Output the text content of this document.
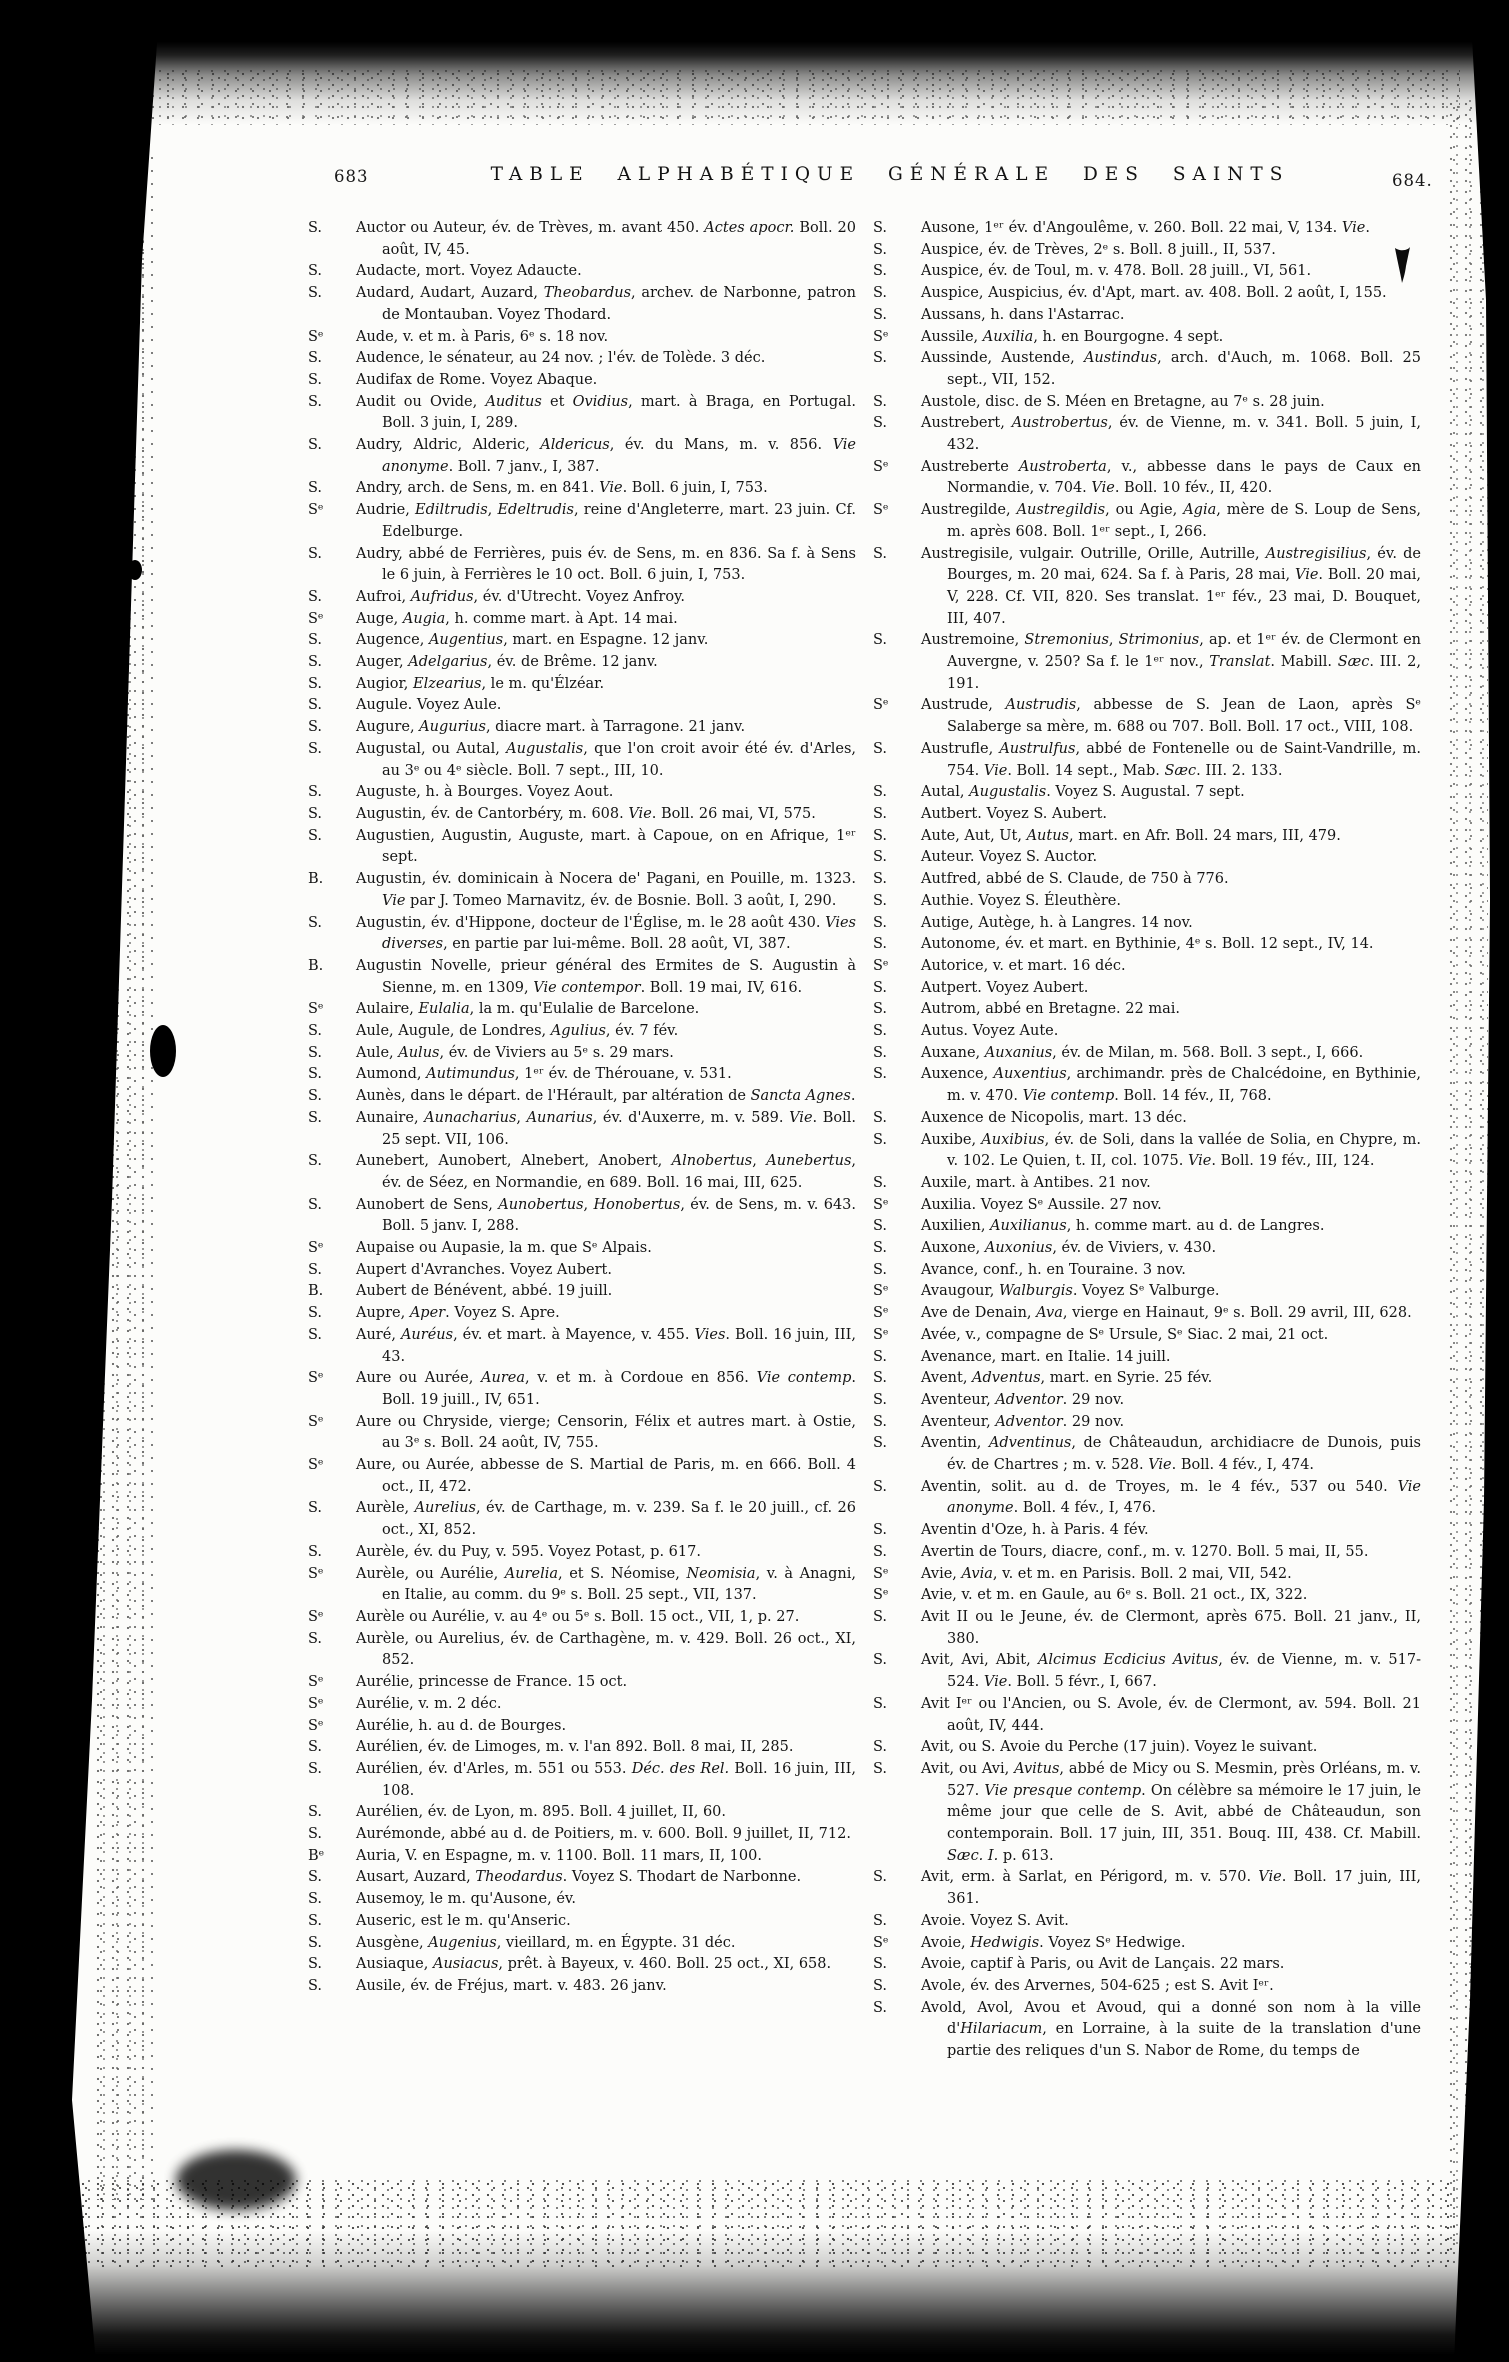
683	TABLE ALPHABÉTIQUE GÉNÉRALE DES SAINTS	684.

S. Auctor ou Auteur, év. de Trèves, m. avant 450. Actes apocr. Boll. 20 août, IV, 45.

S. Audacte, mort. Voyez Adaucte.

S. Audard, Audart, Auzard, Theobardus, archev. de Narbonne, patron de Montauban. Voyez Thodard.

Sᵉ Aude, v. et m. à Paris, 6ᵉ s. 18 nov.

S. Audence, le sénateur, au 24 nov. ; l'év. de Tolède. 3 déc.

S. Audifax de Rome. Voyez Abaque.

S. Audit ou Ovide, Auditus et Ovidius, mart. à Braga, en Portugal. Boll. 3 juin, I, 289.

S. Audry, Aldric, Alderic, Aldericus, év. du Mans, m. v. 856. Vie anonyme. Boll. 7 janv., I, 387.

S. Andry, arch. de Sens, m. en 841. Vie. Boll. 6 juin, I, 753.

Sᵉ Audrie, Ediltrudis, Edeltrudis, reine d'Angleterre, mart. 23 juin. Cf. Edelburge.

S. Audry, abbé de Ferrières, puis év. de Sens, m. en 836. Sa f. à Sens le 6 juin, à Ferrières le 10 oct. Boll. 6 juin, I, 753.

S. Aufroi, Aufridus, év. d'Utrecht. Voyez Anfroy.

Sᵉ Auge, Augia, h. comme mart. à Apt. 14 mai.

S. Augence, Augentius, mart. en Espagne. 12 janv.

S. Auger, Adelgarius, év. de Brême. 12 janv.

S. Augior, Elzearius, le m. qu'Élzéar.

S. Augule. Voyez Aule.

S. Augure, Augurius, diacre mart. à Tarragone. 21 janv.

S. Augustal, ou Autal, Augustalis, que l'on croit avoir été év. d'Arles, au 3ᵉ ou 4ᵉ siècle. Boll. 7 sept., III, 10.

S. Auguste, h. à Bourges. Voyez Aout.

S. Augustin, év. de Cantorbéry, m. 608. Vie. Boll. 26 mai, VI, 575.

S. Augustien, Augustin, Auguste, mart. à Capoue, on en Afrique, 1ᵉʳ sept.

B. Augustin, év. dominicain à Nocera de' Pagani, en Pouille, m. 1323. Vie par J. Tomeo Marnavitz, év. de Bosnie. Boll. 3 août, I, 290.

S. Augustin, év. d'Hippone, docteur de l'Église, m. le 28 août 430. Vies diverses, en partie par lui-même. Boll. 28 août, VI, 387.

B. Augustin Novelle, prieur général des Ermites de S. Augustin à Sienne, m. en 1309, Vie contempor. Boll. 19 mai, IV, 616.

Sᵉ Aulaire, Eulalia, la m. qu'Eulalie de Barcelone.

S. Aule, Augule, de Londres, Agulius, év. 7 fév.

S. Aule, Aulus, év. de Viviers au 5ᵉ s. 29 mars.

S. Aumond, Autimundus, 1ᵉʳ év. de Thérouane, v. 531.

S. Aunès, dans le départ. de l'Hérault, par altération de Sancta Agnes.

S. Aunaire, Aunacharius, Aunarius, év. d'Auxerre, m. v. 589. Vie. Boll. 25 sept. VII, 106.

S. Aunebert, Aunobert, Alnebert, Anobert, Alnobertus, Aunebertus, év. de Séez, en Normandie, en 689. Boll. 16 mai, III, 625.

S. Aunobert de Sens, Aunobertus, Honobertus, év. de Sens, m. v. 643. Boll. 5 janv. I, 288.

Sᵉ Aupaise ou Aupasie, la m. que Sᵉ Alpais.

S. Aupert d'Avranches. Voyez Aubert.

B. Aubert de Bénévent, abbé. 19 juill.

S. Aupre, Aper. Voyez S. Apre.

S. Auré, Auréus, év. et mart. à Mayence, v. 455. Vies. Boll. 16 juin, III, 43.

Sᵉ Aure ou Aurée, Aurea, v. et m. à Cordoue en 856. Vie contemp. Boll. 19 juill., IV, 651.

Sᵉ Aure ou Chryside, vierge; Censorin, Félix et autres mart. à Ostie, au 3ᵉ s. Boll. 24 août, IV, 755.

Sᵉ Aure, ou Aurée, abbesse de S. Martial de Paris, m. en 666. Boll. 4 oct., II, 472.

S. Aurèle, Aurelius, év. de Carthage, m. v. 239. Sa f. le 20 juill., cf. 26 oct., XI, 852.

S. Aurèle, év. du Puy, v. 595. Voyez Potast, p. 617.

Sᵉ Aurèle, ou Aurélie, Aurelia, et S. Néomise, Neomisia, v. à Anagni, en Italie, au comm. du 9ᵉ s. Boll. 25 sept., VII, 137.

Sᵉ Aurèle ou Aurélie, v. au 4ᵉ ou 5ᵉ s. Boll. 15 oct., VII, 1, p. 27.

S. Aurèle, ou Aurelius, év. de Carthagène, m. v. 429. Boll. 26 oct., XI, 852.

Sᵉ Aurélie, princesse de France. 15 oct.

Sᵉ Aurélie, v. m. 2 déc.

Sᵉ Aurélie, h. au d. de Bourges.

S. Aurélien, év. de Limoges, m. v. l'an 892. Boll. 8 mai, II, 285.

S. Aurélien, év. d'Arles, m. 551 ou 553. Déc. des Rel. Boll. 16 juin, III, 108.

S. Aurélien, év. de Lyon, m. 895. Boll. 4 juillet, II, 60.

S. Aurémonde, abbé au d. de Poitiers, m. v. 600. Boll. 9 juillet, II, 712.

Bᵉ Auria, V. en Espagne, m. v. 1100. Boll. 11 mars, II, 100.

S. Ausart, Auzard, Theodardus. Voyez S. Thodart de Narbonne.

S. Ausemoy, le m. qu'Ausone, év.

S. Auseric, est le m. qu'Anseric.

S. Ausgène, Augenius, vieillard, m. en Égypte. 31 déc.

S. Ausiaque, Ausiacus, prêt. à Bayeux, v. 460. Boll. 25 oct., XI, 658.

S. Ausile, év. de Fréjus, mart. v. 483. 26 janv.

S. Ausone, 1ᵉʳ év. d'Angoulême, v. 260. Boll. 22 mai, V, 134. Vie.

S. Auspice, év. de Trèves, 2ᵉ s. Boll. 8 juill., II, 537.

S. Auspice, év. de Toul, m. v. 478. Boll. 28 juill., VI, 561.

S. Auspice, Auspicius, év. d'Apt, mart. av. 408. Boll. 2 août, I, 155.

S. Aussans, h. dans l'Astarrac.

Sᵉ Aussile, Auxilia, h. en Bourgogne. 4 sept.

S. Aussinde, Austende, Austindus, arch. d'Auch, m. 1068. Boll. 25 sept., VII, 152.

S. Austole, disc. de S. Méen en Bretagne, au 7ᵉ s. 28 juin.

S. Austrebert, Austrobertus, év. de Vienne, m. v. 341. Boll. 5 juin, I, 432.

Sᵉ Austreberte Austroberta, v., abbesse dans le pays de Caux en Normandie, v. 704. Vie. Boll. 10 fév., II, 420.

Sᵉ Austregilde, Austregildis, ou Agie, Agia, mère de S. Loup de Sens, m. après 608. Boll. 1ᵉʳ sept., I, 266.

S. Austregisile, vulgair. Outrille, Orille, Autrille, Austregisilius, év. de Bourges, m. 20 mai, 624. Sa f. à Paris, 28 mai, Vie. Boll. 20 mai, V, 228. Cf. VII, 820. Ses translat. 1ᵉʳ fév., 23 mai, D. Bouquet, III, 407.

S. Austremoine, Stremonius, Strimonius, ap. et 1ᵉʳ év. de Clermont en Auvergne, v. 250? Sa f. le 1ᵉʳ nov., Translat. Mabill. Sæc. III. 2, 191.

Sᵉ Austrude, Austrudis, abbesse de S. Jean de Laon, après Sᵉ Salaberge sa mère, m. 688 ou 707. Boll. Boll. 17 oct., VIII, 108.

S. Austrufle, Austrulfus, abbé de Fontenelle ou de Saint-Vandrille, m. 754. Vie. Boll. 14 sept., Mab. Sæc. III. 2. 133.

S. Autal, Augustalis. Voyez S. Augustal. 7 sept.

S. Autbert. Voyez S. Aubert.

S. Aute, Aut, Ut, Autus, mart. en Afr. Boll. 24 mars, III, 479.

S. Auteur. Voyez S. Auctor.

S. Autfred, abbé de S. Claude, de 750 à 776.

S. Authie. Voyez S. Éleuthère.

S. Autige, Autège, h. à Langres. 14 nov.

S. Autonome, év. et mart. en Bythinie, 4ᵉ s. Boll. 12 sept., IV, 14.

Sᵉ Autorice, v. et mart. 16 déc.

S. Autpert. Voyez Aubert.

S. Autrom, abbé en Bretagne. 22 mai.

S. Autus. Voyez Aute.

S. Auxane, Auxanius, év. de Milan, m. 568. Boll. 3 sept., I, 666.

S. Auxence, Auxentius, archimandr. près de Chalcédoine, en Bythinie, m. v. 470. Vie contemp. Boll. 14 fév., II, 768.

S. Auxence de Nicopolis, mart. 13 déc.

S. Auxibe, Auxibius, év. de Soli, dans la vallée de Solia, en Chypre, m. v. 102. Le Quien, t. II, col. 1075. Vie. Boll. 19 fév., III, 124.

S. Auxile, mart. à Antibes. 21 nov.

Sᵉ Auxilia. Voyez Sᵉ Aussile. 27 nov.

S. Auxilien, Auxilianus, h. comme mart. au d. de Langres.

S. Auxone, Auxonius, év. de Viviers, v. 430.

S. Avance, conf., h. en Touraine. 3 nov.

Sᵉ Avaugour, Walburgis. Voyez Sᵉ Valburge.

Sᵉ Ave de Denain, Ava, vierge en Hainaut, 9ᵉ s. Boll. 29 avril, III, 628.

Sᵉ Avée, v., compagne de Sᵉ Ursule, Sᵉ Siac. 2 mai, 21 oct.

S. Avenance, mart. en Italie. 14 juill.

S. Avent, Adventus, mart. en Syrie. 25 fév.

S. Aventeur, Adventor. 29 nov.

S. Aventeur, Adventor. 29 nov.

S. Aventin, Adventinus, de Châteaudun, archidiacre de Dunois, puis év. de Chartres ; m. v. 528. Vie. Boll. 4 fév., I, 474.

S. Aventin, solit. au d. de Troyes, m. le 4 fév., 537 ou 540. Vie anonyme. Boll. 4 fév., I, 476.

S. Aventin d'Oze, h. à Paris. 4 fév.

S. Avertin de Tours, diacre, conf., m. v. 1270. Boll. 5 mai, II, 55.

Sᵉ Avie, Avia, v. et m. en Parisis. Boll. 2 mai, VII, 542.

Sᵉ Avie, v. et m. en Gaule, au 6ᵉ s. Boll. 21 oct., IX, 322.

S. Avit II ou le Jeune, év. de Clermont, après 675. Boll. 21 janv., II, 380.

S. Avit, Avi, Abit, Alcimus Ecdicius Avitus, év. de Vienne, m. v. 517-524. Vie. Boll. 5 févr., I, 667.

S. Avit Iᵉʳ ou l'Ancien, ou S. Avole, év. de Clermont, av. 594. Boll. 21 août, IV, 444.

S. Avit, ou S. Avoie du Perche (17 juin). Voyez le suivant.

S. Avit, ou Avi, Avitus, abbé de Micy ou S. Mesmin, près Orléans, m. v. 527. Vie presque contemp. On célèbre sa mémoire le 17 juin, le même jour que celle de S. Avit, abbé de Châteaudun, son contemporain. Boll. 17 juin, III, 351. Bouq. III, 438. Cf. Mabill. Sæc. I. p. 613.

S. Avit, erm. à Sarlat, en Périgord, m. v. 570. Vie. Boll. 17 juin, III, 361.

S. Avoie. Voyez S. Avit.

Sᵉ Avoie, Hedwigis. Voyez Sᵉ Hedwige.

S. Avoie, captif à Paris, ou Avit de Lançais. 22 mars.

S. Avole, év. des Arvernes, 504-625 ; est S. Avit Iᵉʳ.

S. Avold, Avol, Avou et Avoud, qui a donné son nom à la ville d'Hilariacum, en Lorraine, à la suite de la translation d'une partie des reliques d'un S. Nabor de Rome, du temps de
